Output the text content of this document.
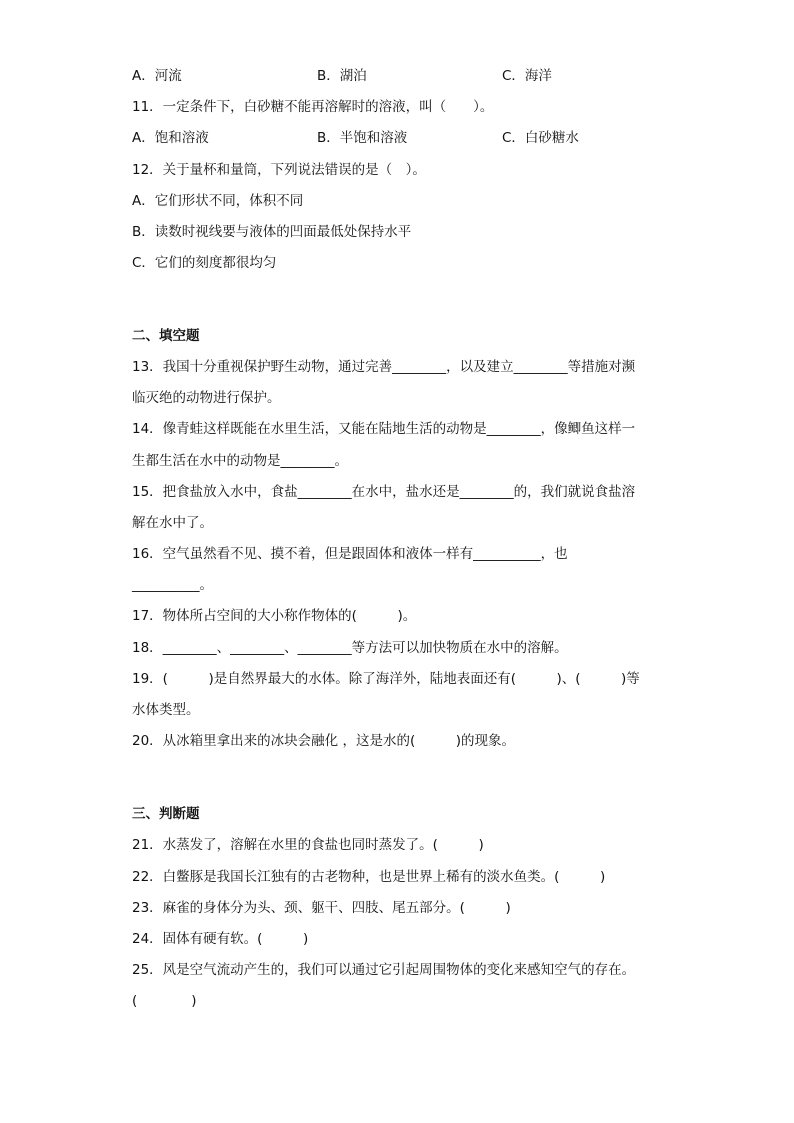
A．河流	B．湖泊	C．海洋
11．一定条件下，白砂糖不能再溶解时的溶液，叫（　　）。
A．饱和溶液	B．半饱和溶液	C．白砂糖水
12．关于量杯和量筒，下列说法错误的是（　）。
A．它们形状不同，体积不同
B．读数时视线要与液体的凹面最低处保持水平
C．它们的刻度都很均匀
二、填空题
13．我国十分重视保护野生动物，通过完善________，以及建立________等措施对濒
临灭绝的动物进行保护。
14．像青蛙这样既能在水里生活，又能在陆地生活的动物是________，像鲫鱼这样一
生都生活在水中的动物是________。
15．把食盐放入水中，食盐________在水中，盐水还是________的，我们就说食盐溶
解在水中了。
16．空气虽然看不见、摸不着，但是跟固体和液体一样有__________，也
__________。
17．物体所占空间的大小称作物体的(　　　)。
18．________、________、________等方法可以加快物质在水中的溶解。
19．(　　　)是自然界最大的水体。除了海洋外，陆地表面还有(　　　)、(　　　)等
水体类型。
20．从冰箱里拿出来的冰块会融化 ，这是水的(　　　)的现象。
三、判断题
21．水蒸发了，溶解在水里的食盐也同时蒸发了。(　　　)
22．白鳖豚是我国长江独有的古老物种，也是世界上稀有的淡水鱼类。(　　　)
23．麻雀的身体分为头、颈、躯干、四肢、尾五部分。(　　　)
24．固体有硬有软。(　　　)
25．风是空气流动产生的，我们可以通过它引起周围物体的变化来感知空气的存在。
(　　　　)
